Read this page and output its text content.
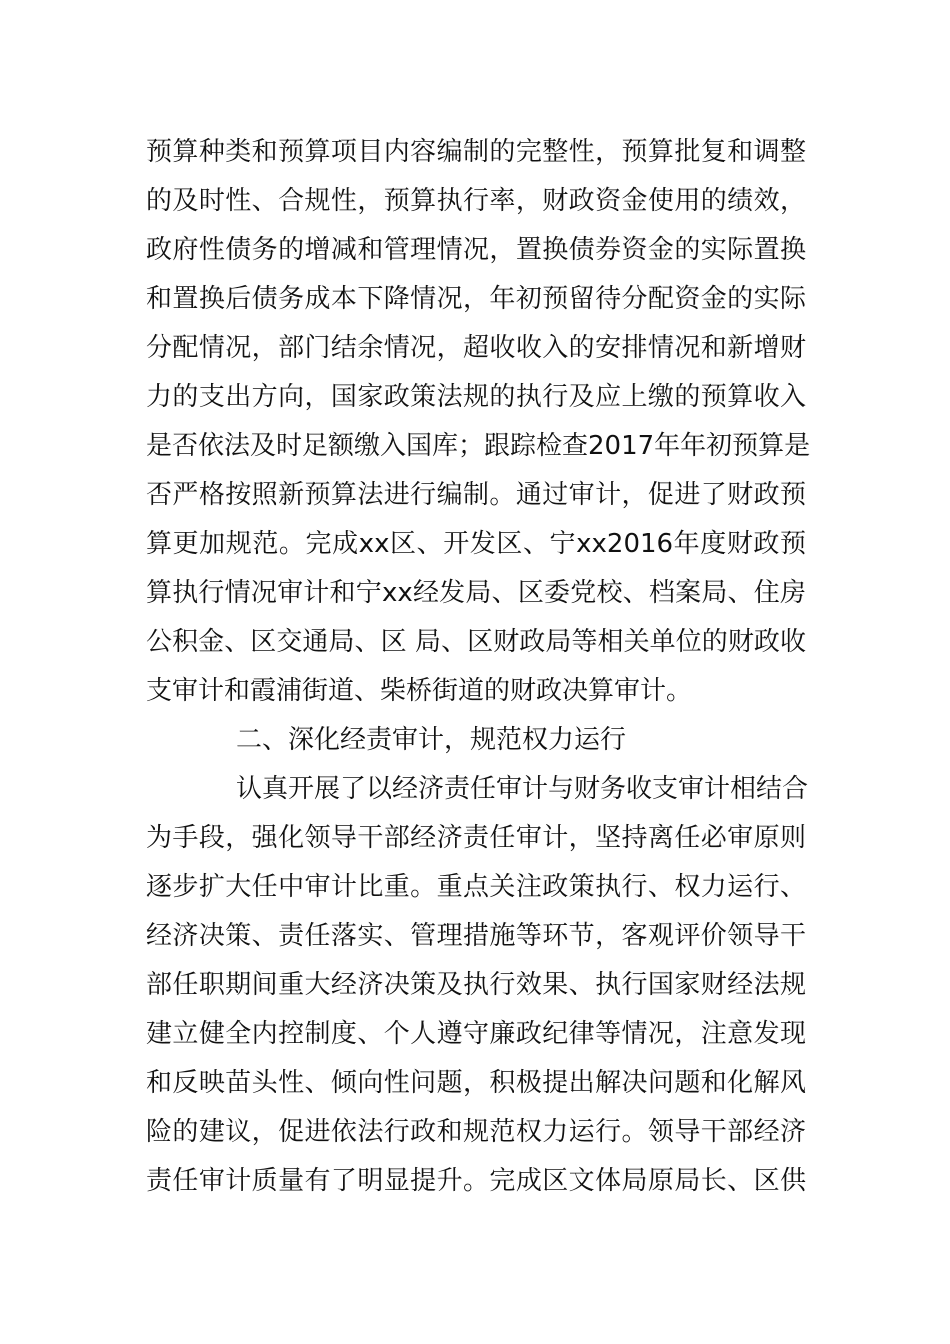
预算种类和预算项目内容编制的完整性，预算批复和调整
的及时性、合规性，预算执行率，财政资金使用的绩效，
政府性债务的增减和管理情况，置换债券资金的实际置换
和置换后债务成本下降情况，年初预留待分配资金的实际
分配情况，部门结余情况，超收收入的安排情况和新增财
力的支出方向，国家政策法规的执行及应上缴的预算收入
是否依法及时足额缴入国库；跟踪检查2017年年初预算是
否严格按照新预算法进行编制。通过审计，促进了财政预
算更加规范。完成xx区、开发区、宁xx2016年度财政预
算执行情况审计和宁xx经发局、区委党校、档案局、住房
公积金、区交通局、区 局、区财政局等相关单位的财政收
支审计和霞浦街道、柴桥街道的财政决算审计。
二、深化经责审计，规范权力运行
认真开展了以经济责任审计与财务收支审计相结合
为手段，强化领导干部经济责任审计，坚持离任必审原则
逐步扩大任中审计比重。重点关注政策执行、权力运行、
经济决策、责任落实、管理措施等环节，客观评价领导干
部任职期间重大经济决策及执行效果、执行国家财经法规
建立健全内控制度、个人遵守廉政纪律等情况，注意发现
和反映苗头性、倾向性问题，积极提出解决问题和化解风
险的建议，促进依法行政和规范权力运行。领导干部经济
责任审计质量有了明显提升。完成区文体局原局长、区供
